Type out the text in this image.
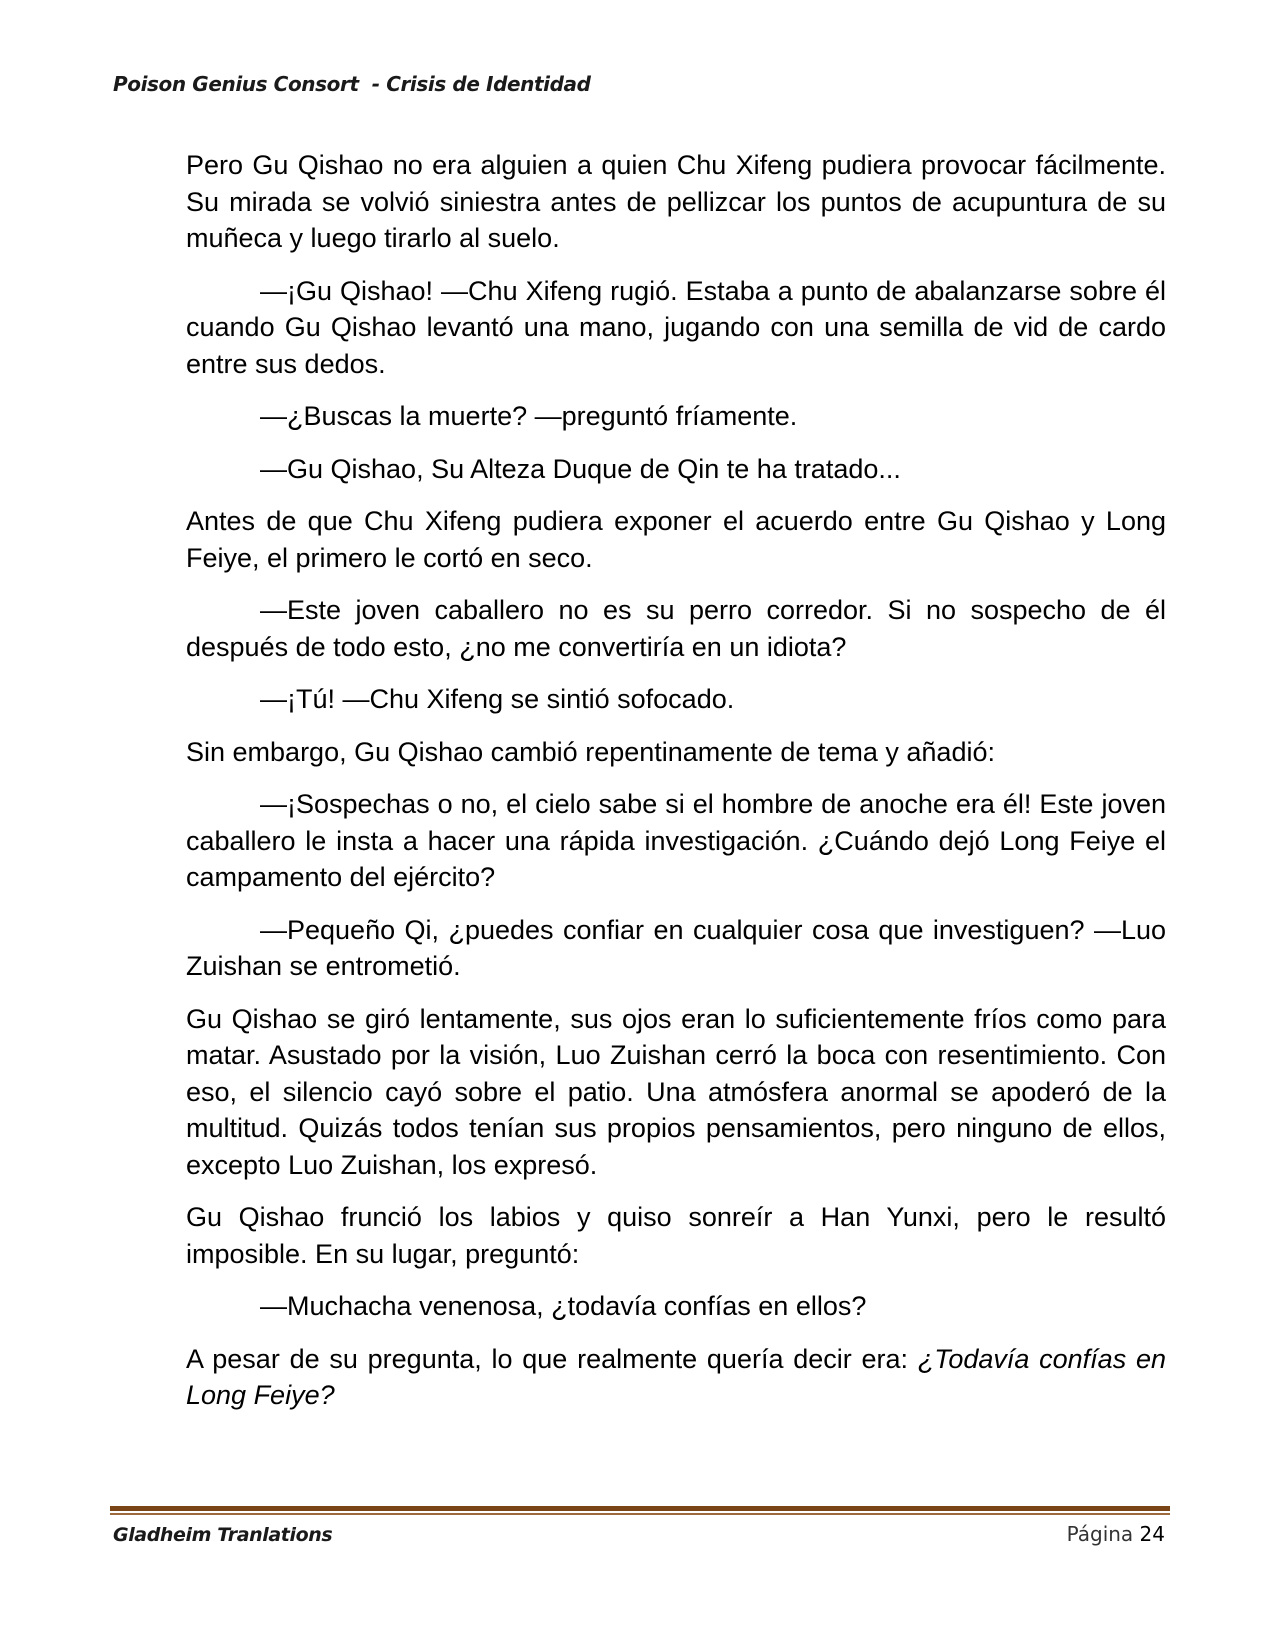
Poison Genius Consort  - Crisis de Identidad

Pero Gu Qishao no era alguien a quien Chu Xifeng pudiera provocar fácilmente. Su mirada se volvió siniestra antes de pellizcar los puntos de acupuntura de su muñeca y luego tirarlo al suelo.

—¡Gu Qishao! —Chu Xifeng rugió. Estaba a punto de abalanzarse sobre él cuando Gu Qishao levantó una mano, jugando con una semilla de vid de cardo entre sus dedos.

—¿Buscas la muerte? —preguntó fríamente.

—Gu Qishao, Su Alteza Duque de Qin te ha tratado...

Antes de que Chu Xifeng pudiera exponer el acuerdo entre Gu Qishao y Long Feiye, el primero le cortó en seco.

—Este joven caballero no es su perro corredor. Si no sospecho de él después de todo esto, ¿no me convertiría en un idiota?

—¡Tú! —Chu Xifeng se sintió sofocado.

Sin embargo, Gu Qishao cambió repentinamente de tema y añadió:

—¡Sospechas o no, el cielo sabe si el hombre de anoche era él! Este joven caballero le insta a hacer una rápida investigación. ¿Cuándo dejó Long Feiye el campamento del ejército?

—Pequeño Qi, ¿puedes confiar en cualquier cosa que investiguen? —Luo Zuishan se entrometió.

Gu Qishao se giró lentamente, sus ojos eran lo suficientemente fríos como para matar. Asustado por la visión, Luo Zuishan cerró la boca con resentimiento. Con eso, el silencio cayó sobre el patio. Una atmósfera anormal se apoderó de la multitud. Quizás todos tenían sus propios pensamientos, pero ninguno de ellos, excepto Luo Zuishan, los expresó.

Gu Qishao frunció los labios y quiso sonreír a Han Yunxi, pero le resultó imposible. En su lugar, preguntó:

—Muchacha venenosa, ¿todavía confías en ellos?

A pesar de su pregunta, lo que realmente quería decir era: ¿Todavía confías en Long Feiye?

Gladheim Tranlations	Página 24
